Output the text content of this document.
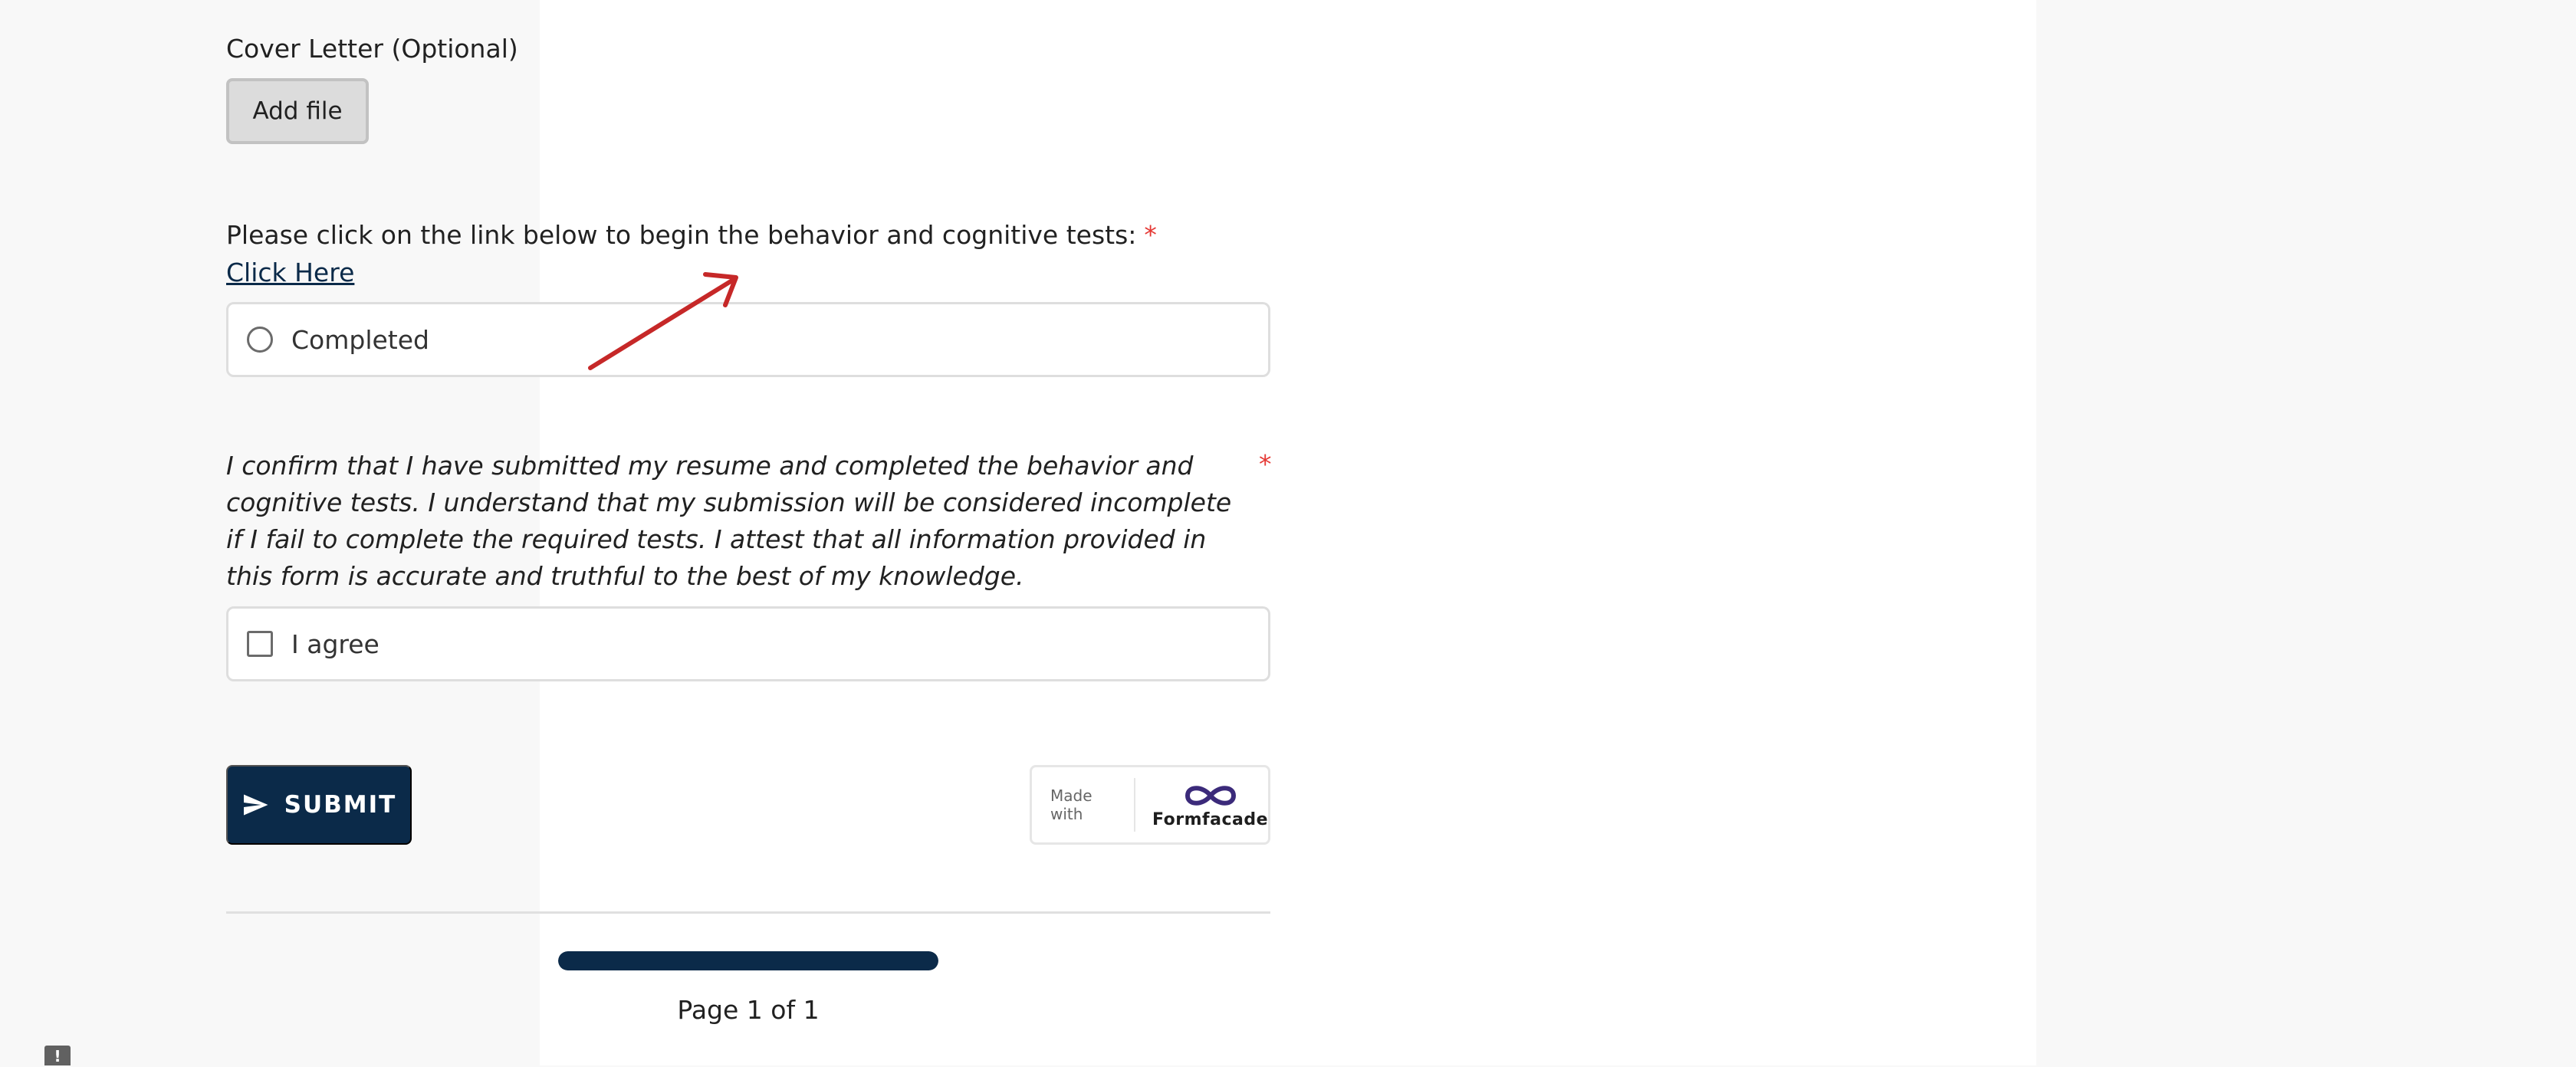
Cover Letter (Optional)
Add file
Please click on the link below to begin the behavior and cognitive tests: *
Click Here
Completed
I confirm that I have submitted my resume and completed the behavior and cognitive tests. I understand that my submission will be considered incomplete if I fail to complete the required tests. I attest that all information provided in this form is accurate and truthful to the best of my knowledge.
*
I agree
SUBMIT	Made with	Formfacade
Page 1 of 1
!
